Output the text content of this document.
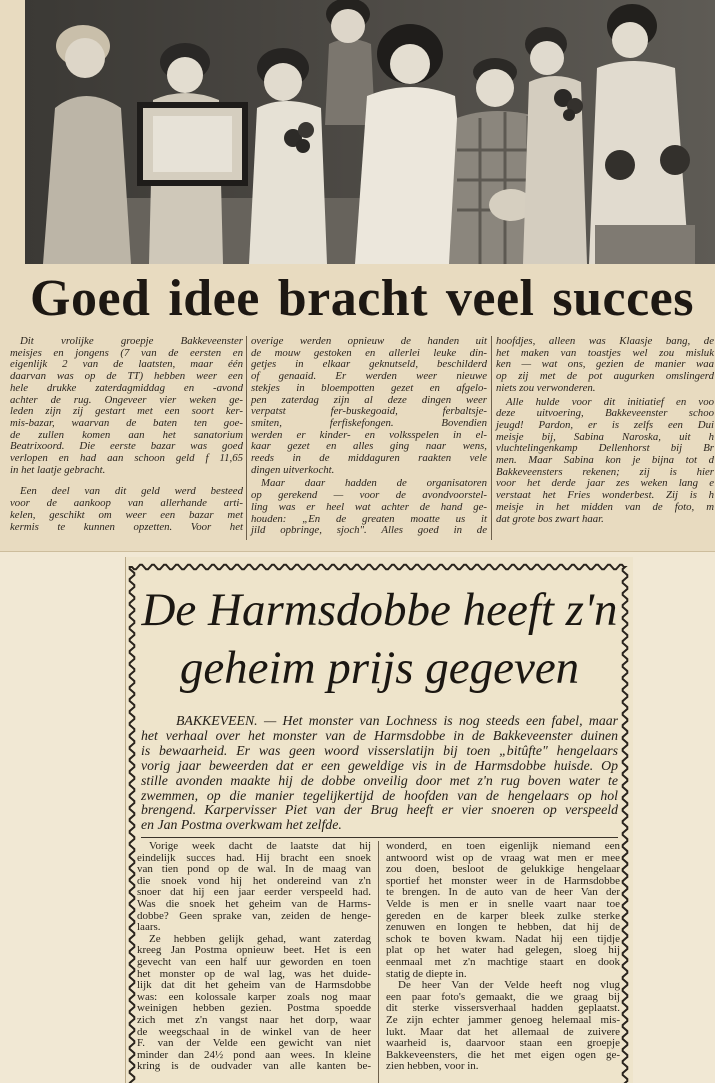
Goed idee bracht veel succes
Dit vrolijke groepje Bakkeveenster
meisjes en jongens (7 van de eersten en
eigenlijk 2 van de laatsten, maar één
daarvan was op de TT) hebben weer een
hele drukke zaterdagmiddag en -avond
achter de rug. Ongeveer vier weken ge-
leden zijn zij gestart met een soort ker-
mis-bazar, waarvan de baten ten goe-
de zullen komen aan het sanatorium
Beatrixoord. Die eerste bazar was goed
verlopen en had aan schoon geld f 11,65
in het laatje gebracht.
Een deel van dit geld werd besteed
voor de aankoop van allerhande arti-
kelen, geschikt om weer een bazar met
kermis te kunnen opzetten. Voor het
overige werden opnieuw de handen uit
de mouw gestoken en allerlei leuke din-
getjes in elkaar geknutseld, beschilderd
of genaaid. Er werden weer nieuwe
stekjes in bloempotten gezet en afgelo-
pen zaterdag zijn al deze dingen weer
verpatst fer-buskegoaid, ferbaltsje-
smiten, ferfiskefongen. Bovendien
werden er kinder- en volksspelen in el-
kaar gezet en alles ging naar wens,
reeds in de middaguren raakten vele
dingen uitverkocht.
Maar daar hadden de organisatoren
op gerekend — voor de avondvoorstel-
ling was er heel wat achter de hand ge-
houden: „En de greaten moatte us it
jild opbringe, sjoch". Alles goed in de
hoofdjes, alleen was Klaasje bang, de
het maken van toastjes wel zou misluk
ken — wat ons, gezien de manier waa
op zij met de pot augurken omslingerd
niets zou verwonderen.
Alle hulde voor dit initiatief en voo
deze uitvoering, Bakkeveenster schoo
jeugd! Pardon, er is zelfs een Dui
meisje bij, Sabina Naroska, uit h
vluchtelingenkamp Dellenhorst bij Br
men. Maar Sabina kon je bijna tot d
Bakkeveensters rekenen; zij is hier
voor het derde jaar zes weken lang e
verstaat het Fries wonderbest. Zij is h
meisje in het midden van de foto, m
dat grote bos zwart haar.
De Harmsdobbe heeft z'n
geheim prijs gegeven
BAKKEVEEN. — Het monster van Lochness is nog steeds een fabel, maar
het verhaal over het monster van de Harmsdobbe in de Bakkeveenster duinen
is bewaarheid. Er was geen woord visserslatijn bij toen „bitûfte" hengelaars
vorig jaar beweerden dat er een geweldige vis in de Harmsdobbe huisde. Op
stille avonden maakte hij de dobbe onveilig door met z'n rug boven water te
zwemmen, op die manier tegelijkertijd de hoofden van de hengelaars op hol
brengend. Karpervisser Piet van der Brug heeft er vier snoeren op verspeeld
en Jan Postma overkwam het zelfde.
Vorige week dacht de laatste dat hij
eindelijk succes had. Hij bracht een snoek
van tien pond op de wal. In de maag van
die snoek vond hij het ondereind van z'n
snoer dat hij een jaar eerder verspeeld had.
Was die snoek het geheim van de Harms-
dobbe? Geen sprake van, zeiden de henge-
laars.
Ze hebben gelijk gehad, want zaterdag
kreeg Jan Postma opnieuw beet. Het is een
gevecht van een half uur geworden en toen
het monster op de wal lag, was het duide-
lijk dat dit het geheim van de Harmsdobbe
was: een kolossale karper zoals nog maar
weinigen hebben gezien. Postma spoedde
zich met z'n vangst naar het dorp, waar
de weegschaal in de winkel van de heer
F. van der Velde een gewicht van niet
minder dan 24½ pond aan wees. In kleine
kring is de oudvader van alle kanten be-
wonderd, en toen eigenlijk niemand een
antwoord wist op de vraag wat men er mee
zou doen, besloot de gelukkige hengelaar
sportief het monster weer in de Harmsdobbe
te brengen. In de auto van de heer Van der
Velde is men er in snelle vaart naar toe
gereden en de karper bleek zulke sterke
zenuwen en longen te hebben, dat hij de
schok te boven kwam. Nadat hij een tijdje
plat op het water had gelegen, sloeg hij
eenmaal met z'n machtige staart en dook
statig de diepte in.
De heer Van der Velde heeft nog vlug
een paar foto's gemaakt, die we graag bij
dit sterke vissersverhaal hadden geplaatst.
Ze zijn echter jammer genoeg helemaal mis-
lukt. Maar dat het allemaal de zuivere
waarheid is, daarvoor staan een groepje
Bakkeveensters, die het met eigen ogen ge-
zien hebben, voor in.
